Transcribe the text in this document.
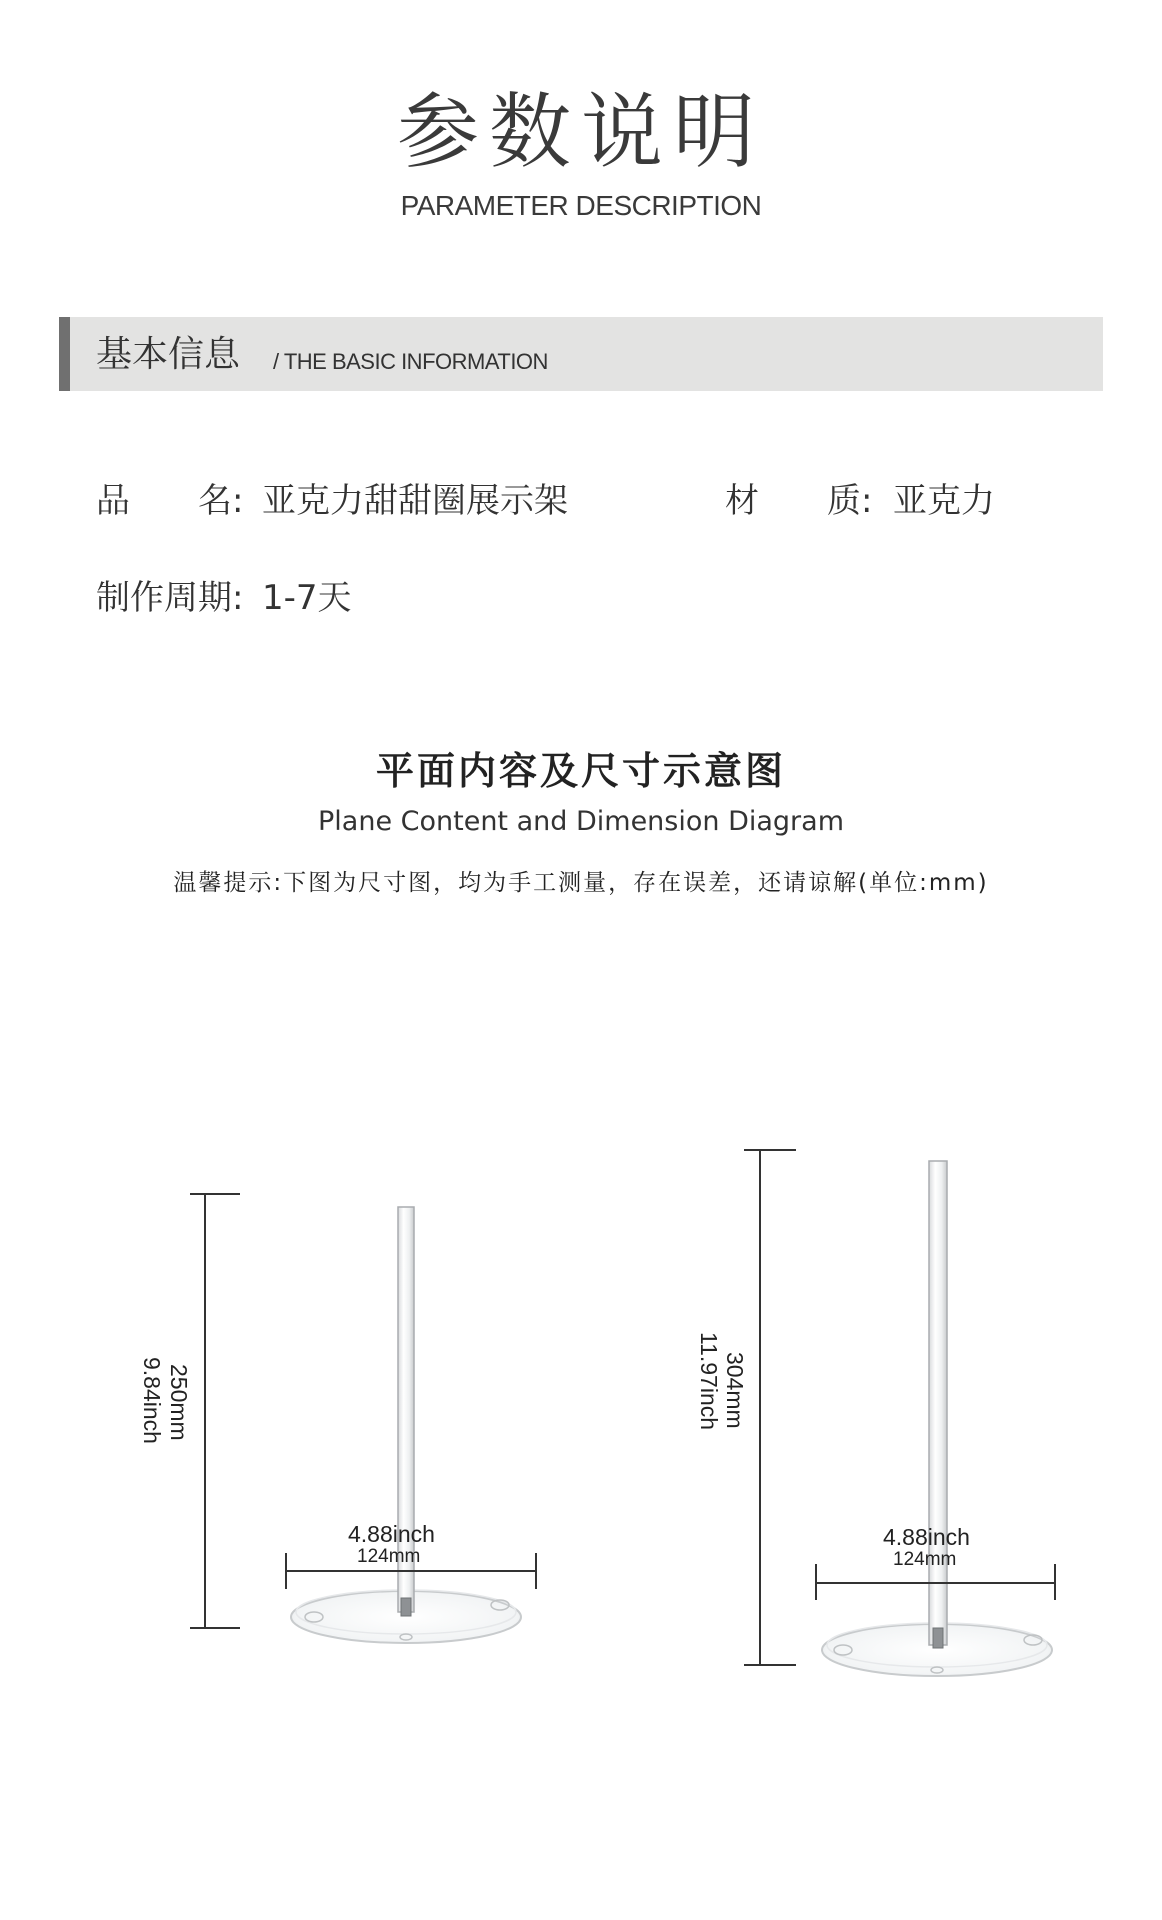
参数说明
PARAMETER DESCRIPTION
基本信息 / THE BASIC INFORMATION
品　　名: 亚克力甜甜圈展示架	材　　质: 亚克力
制作周期: 1-7天
平面内容及尺寸示意图
Plane Content and Dimension Diagram
温馨提示:下图为尺寸图，均为手工测量，存在误差，还请谅解(单位:mm)
250mm
9.84inch
4.88inch
124mm
304mm
11.97inch
4.88inch
124mm
